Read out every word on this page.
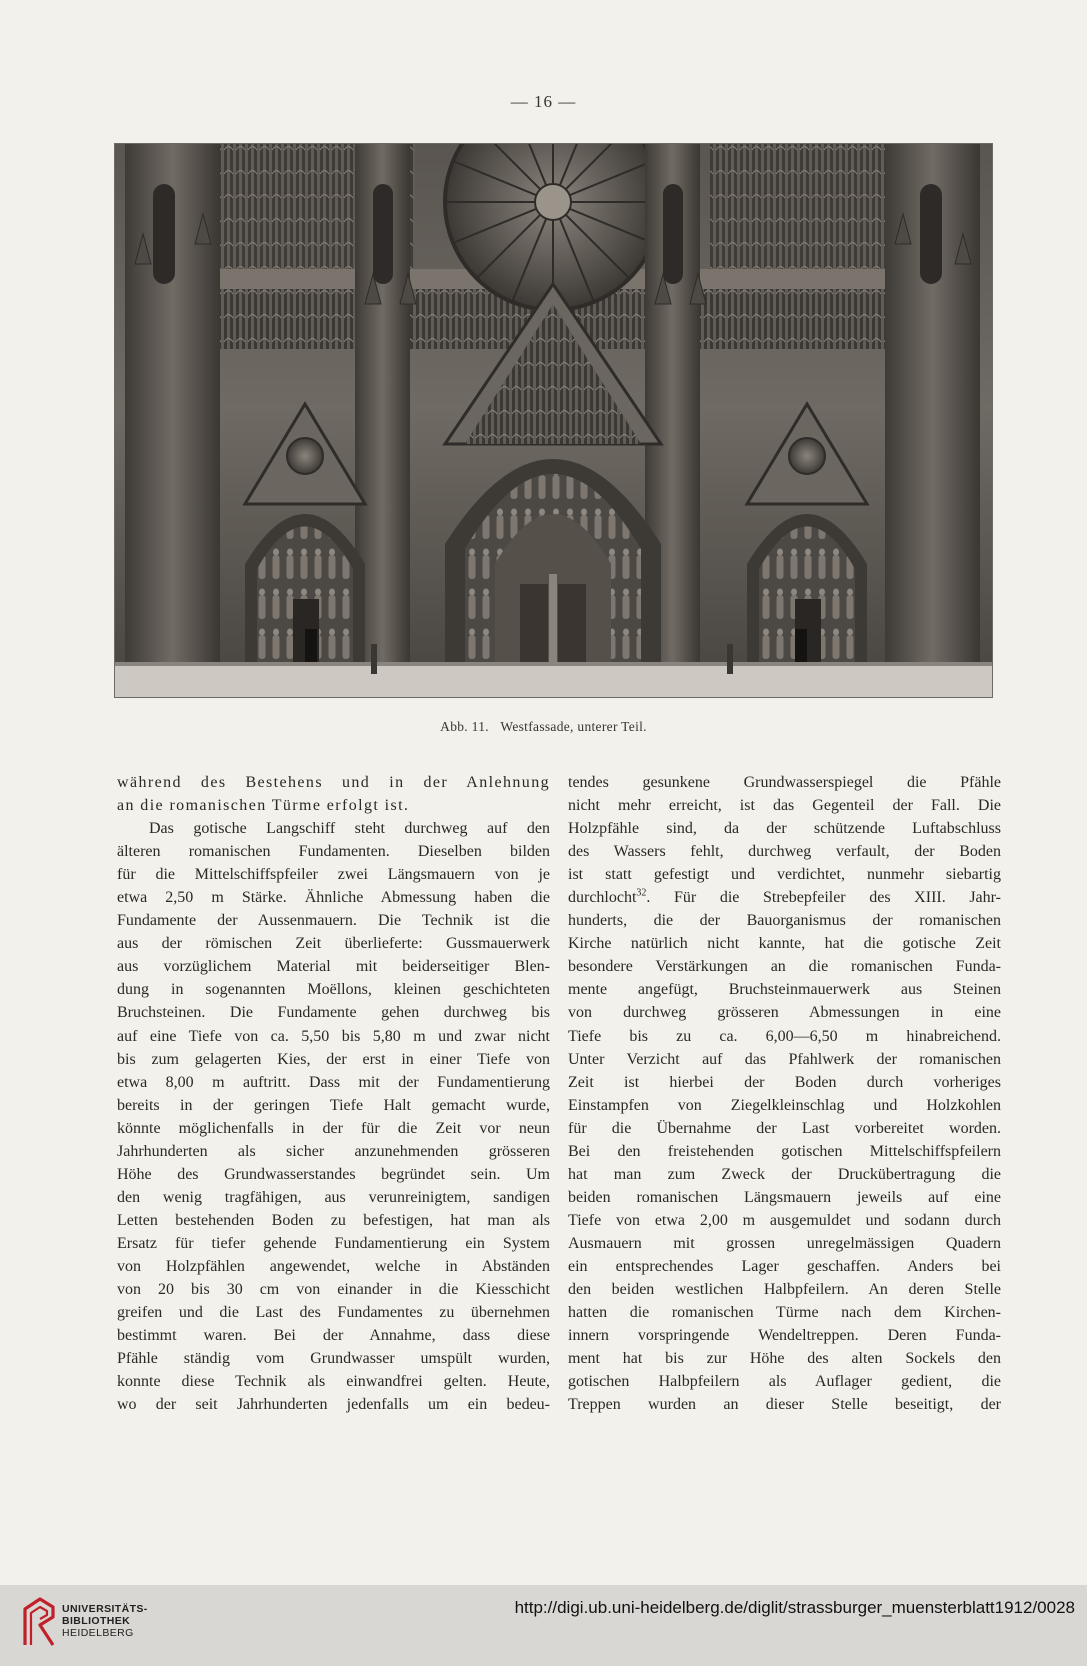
— 16 —
Abb. 11. Westfassade, unterer Teil.

während des Bestehens und in der Anlehnung

an die romanischen Türme erfolgt ist.

Das gotische Langschiff steht durchweg auf den

älteren romanischen Fundamenten. Dieselben bilden

für die Mittelschiffspfeiler zwei Längsmauern von je

etwa 2,50 m Stärke. Ähnliche Abmessung haben die

Fundamente der Aussenmauern. Die Technik ist die

aus der römischen Zeit überlieferte: Gussmauerwerk

aus vorzüglichem Material mit beiderseitiger Blen-

dung in sogenannten Moëllons, kleinen geschichteten

Bruchsteinen. Die Fundamente gehen durchweg bis

auf eine Tiefe von ca. 5,50 bis 5,80 m und zwar nicht

bis zum gelagerten Kies, der erst in einer Tiefe von

etwa 8,00 m auftritt. Dass mit der Fundamentierung

bereits in der geringen Tiefe Halt gemacht wurde,

könnte möglichenfalls in der für die Zeit vor neun

Jahrhunderten als sicher anzunehmenden grösseren

Höhe des Grundwasserstandes begründet sein. Um

den wenig tragfähigen, aus verunreinigtem, sandigen

Letten bestehenden Boden zu befestigen, hat man als

Ersatz für tiefer gehende Fundamentierung ein System

von Holzpfählen angewendet, welche in Abständen

von 20 bis 30 cm von einander in die Kiesschicht

greifen und die Last des Fundamentes zu übernehmen

bestimmt waren. Bei der Annahme, dass diese

Pfähle ständig vom Grundwasser umspült wurden,

konnte diese Technik als einwandfrei gelten. Heute,

wo der seit Jahrhunderten jedenfalls um ein bedeu-

tendes gesunkene Grundwasserspiegel die Pfähle

nicht mehr erreicht, ist das Gegenteil der Fall. Die

Holzpfähle sind, da der schützende Luftabschluss

des Wassers fehlt, durchweg verfault, der Boden

ist statt gefestigt und verdichtet, nunmehr siebartig

durchlocht$^{32}$. Für die Strebepfeiler des XIII. Jahr-

hunderts, die der Bauorganismus der romanischen

Kirche natürlich nicht kannte, hat die gotische Zeit

besondere Verstärkungen an die romanischen Funda-

mente angefügt, Bruchsteinmauerwerk aus Steinen

von durchweg grösseren Abmessungen in eine

Tiefe bis zu ca. 6,00—6,50 m hinabreichend.

Unter Verzicht auf das Pfahlwerk der romanischen

Zeit ist hierbei der Boden durch vorheriges

Einstampfen von Ziegelkleinschlag und Holzkohlen

für die Übernahme der Last vorbereitet worden.

Bei den freistehenden gotischen Mittelschiffspfeilern

hat man zum Zweck der Druckübertragung die

beiden romanischen Längsmauern jeweils auf eine

Tiefe von etwa 2,00 m ausgemuldet und sodann durch

Ausmauern mit grossen unregelmässigen Quadern

ein entsprechendes Lager geschaffen. Anders bei

den beiden westlichen Halbpfeilern. An deren Stelle

hatten die romanischen Türme nach dem Kirchen-

innern vorspringende Wendeltreppen. Deren Funda-

ment hat bis zur Höhe des alten Sockels den

gotischen Halbpfeilern als Auflager gedient, die

Treppen wurden an dieser Stelle beseitigt, der

UNIVERSITÄTS-
BIBLIOTHEK
HEIDELBERG
http://digi.ub.uni-heidelberg.de/diglit/strassburger_muensterblatt1912/0028
